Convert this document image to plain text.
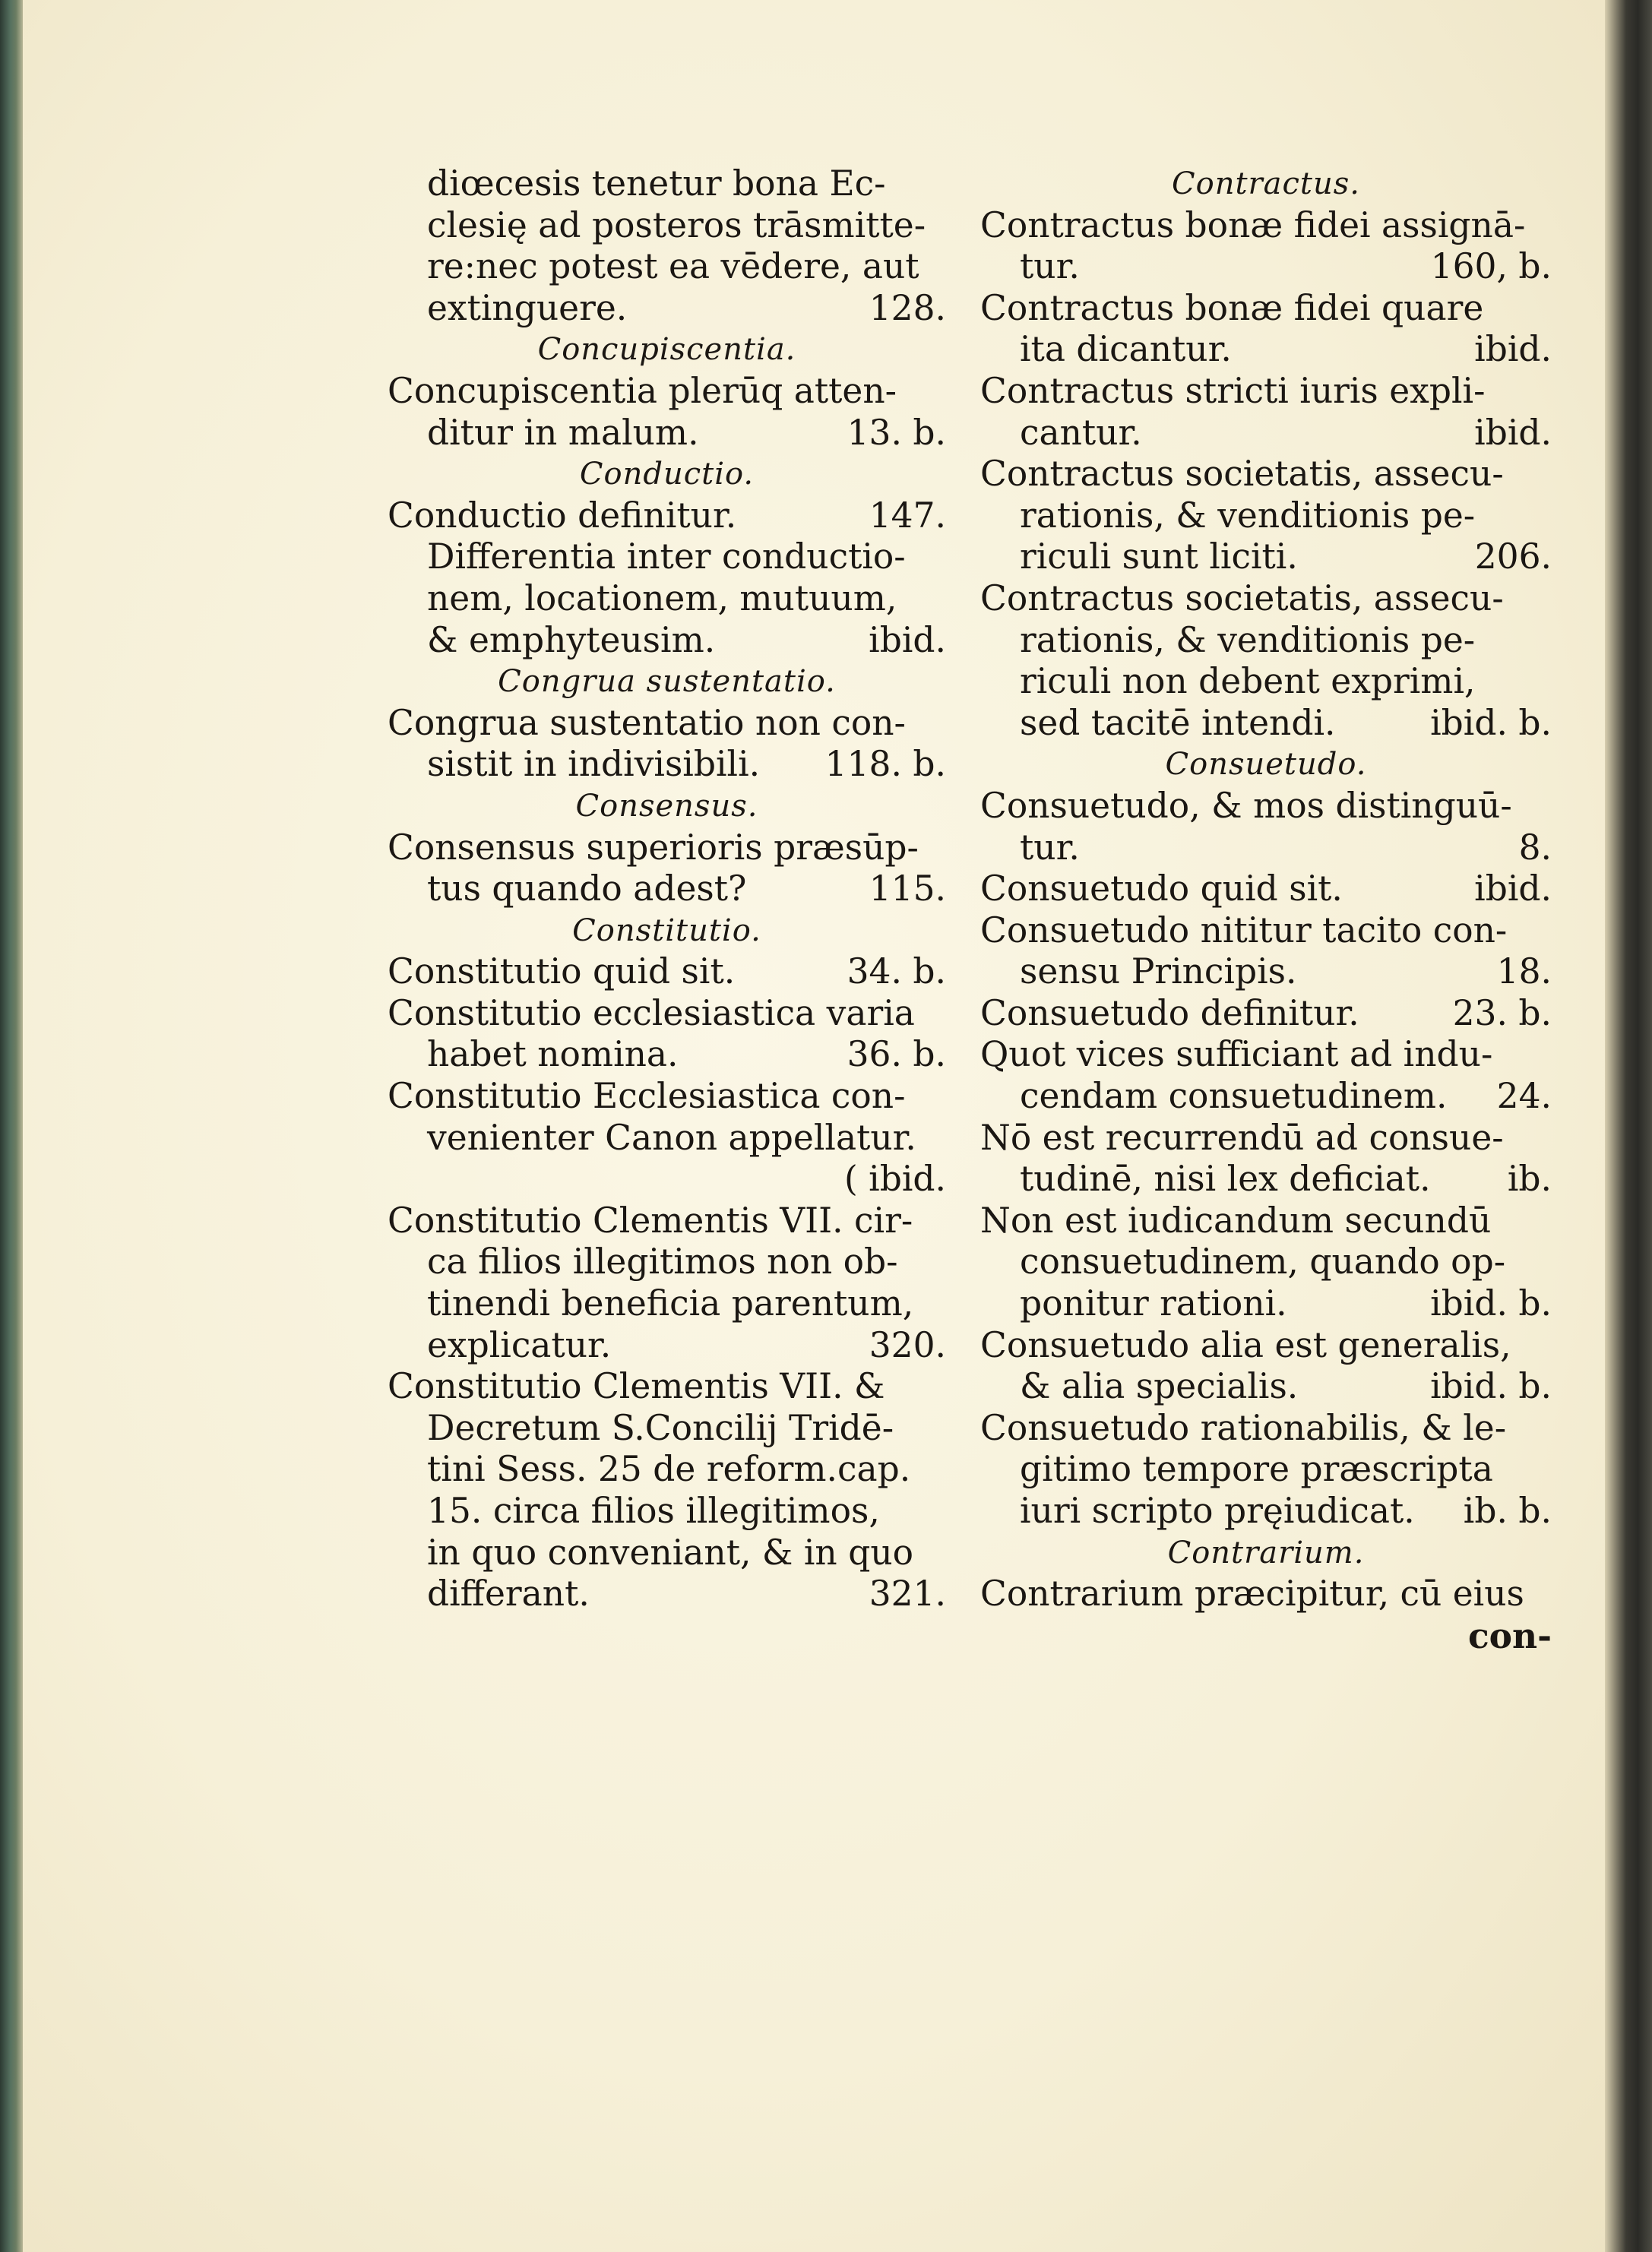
diœcesis tenetur bona Ec-
clesię ad posteros trāsmitte-
re:nec potest ea vēdere, aut
extinguere.	128.
Concupiscentia.
Concupiscentia plerūq atten-
ditur in malum.	13. b.
Conductio.
Conductio definitur.	147.
Differentia inter conductio-
nem, locationem, mutuum,
& emphyteusim.	ibid.
Congrua sustentatio.
Congrua sustentatio non con-
sistit in indivisibili. 118. b.
Consensus.
Consensus superioris præsūp-
tus quando adest?	115.
Constitutio.
Constitutio quid sit.	34. b.
Constitutio ecclesiastica varia
habet nomina.	36. b.
Constitutio Ecclesiastica con-
venienter Canon appellatur.
( ibid.
Constitutio Clementis VII. cir-
ca filios illegitimos non ob-
tinendi beneficia parentum,
explicatur.	320.
Constitutio Clementis VII. &
Decretum S.Concilij Tridē-
tini Sess. 25 de reform.cap.
15. circa filios illegitimos,
in quo conveniant, & in quo
differant.	321.
Contractus.
Contractus bonæ fidei assignā-
tur.	160, b.
Contractus bonæ fidei quare
ita dicantur.	ibid.
Contractus stricti iuris expli-
cantur.	ibid.
Contractus societatis, assecu-
rationis, & venditionis pe-
riculi sunt liciti.	206.
Contractus societatis, assecu-
rationis, & venditionis pe-
riculi non debent exprimi,
sed tacitē intendi.	ibid. b.
Consuetudo.
Consuetudo, & mos distinguū-
tur.	8.
Consuetudo quid sit.	ibid.
Consuetudo nititur tacito con-
sensu Principis.	18.
Consuetudo definitur.	23. b.
Quot vices sufficiant ad indu-
cendam consuetudinem. 24.
Nō est recurrendū ad consue-
tudinē, nisi lex deficiat. ib.
Non est iudicandum secundū
consuetudinem, quando op-
ponitur rationi.	ibid. b.
Consuetudo alia est generalis,
& alia specialis.	ibid. b.
Consuetudo rationabilis, & le-
gitimo tempore præscripta
iuri scripto pręiudicat. ib. b.
Contrarium.
Contrarium præcipitur, cū eius
con-
